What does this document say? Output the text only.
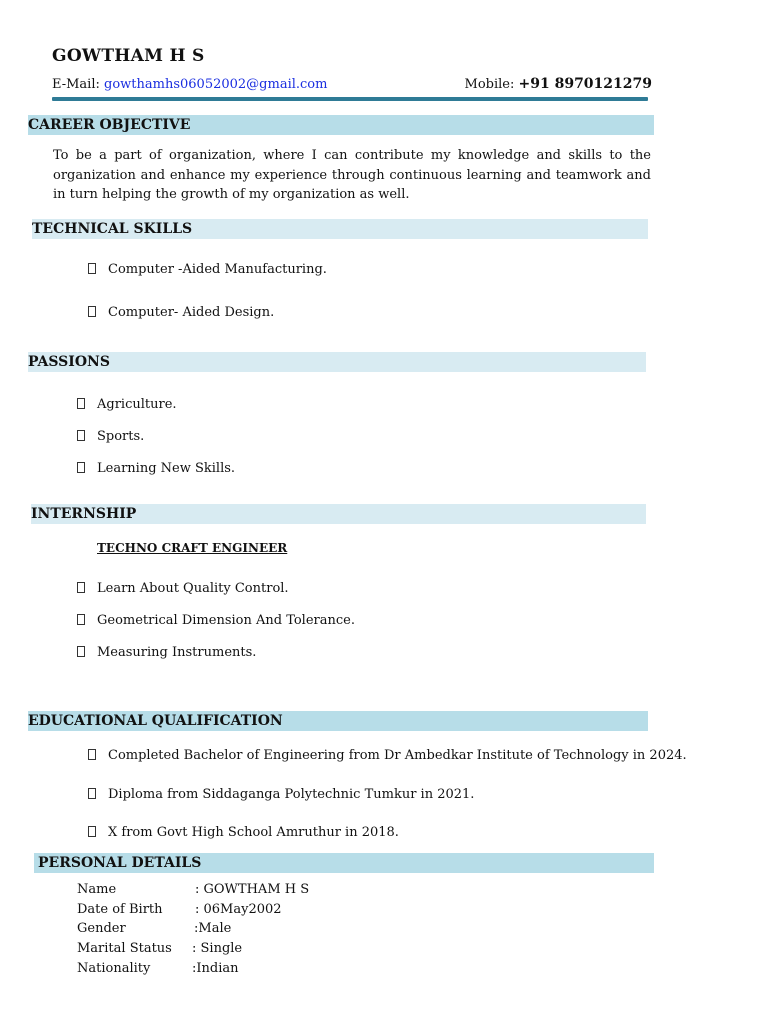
GOWTHAM H S
E-Mail: gowthamhs06052002@gmail.com	Mobile: +91 8970121279
CAREER OBJECTIVE
To be a part of organization, where I can contribute my knowledge and skills to the organization and enhance my experience through continuous learning and teamwork and in turn helping the growth of my organization as well.
TECHNICAL SKILLS
Computer -Aided Manufacturing.
Computer- Aided Design.
PASSIONS
Agriculture.
Sports.
Learning New Skills.
INTERNSHIP
TECHNO CRAFT ENGINEER
Learn About Quality Control.
Geometrical Dimension And Tolerance.
Measuring Instruments.
EDUCATIONAL QUALIFICATION
Completed Bachelor of Engineering from Dr Ambedkar Institute of Technology in 2024.
Diploma from Siddaganga Polytechnic Tumkur in 2021.
X from Govt High School Amruthur in 2018.
PERSONAL DETAILS
Name	: GOWTHAM H S
Date of Birth : 06May2002
Gender	:Male
Marital Status : Single
Nationality	:Indian
